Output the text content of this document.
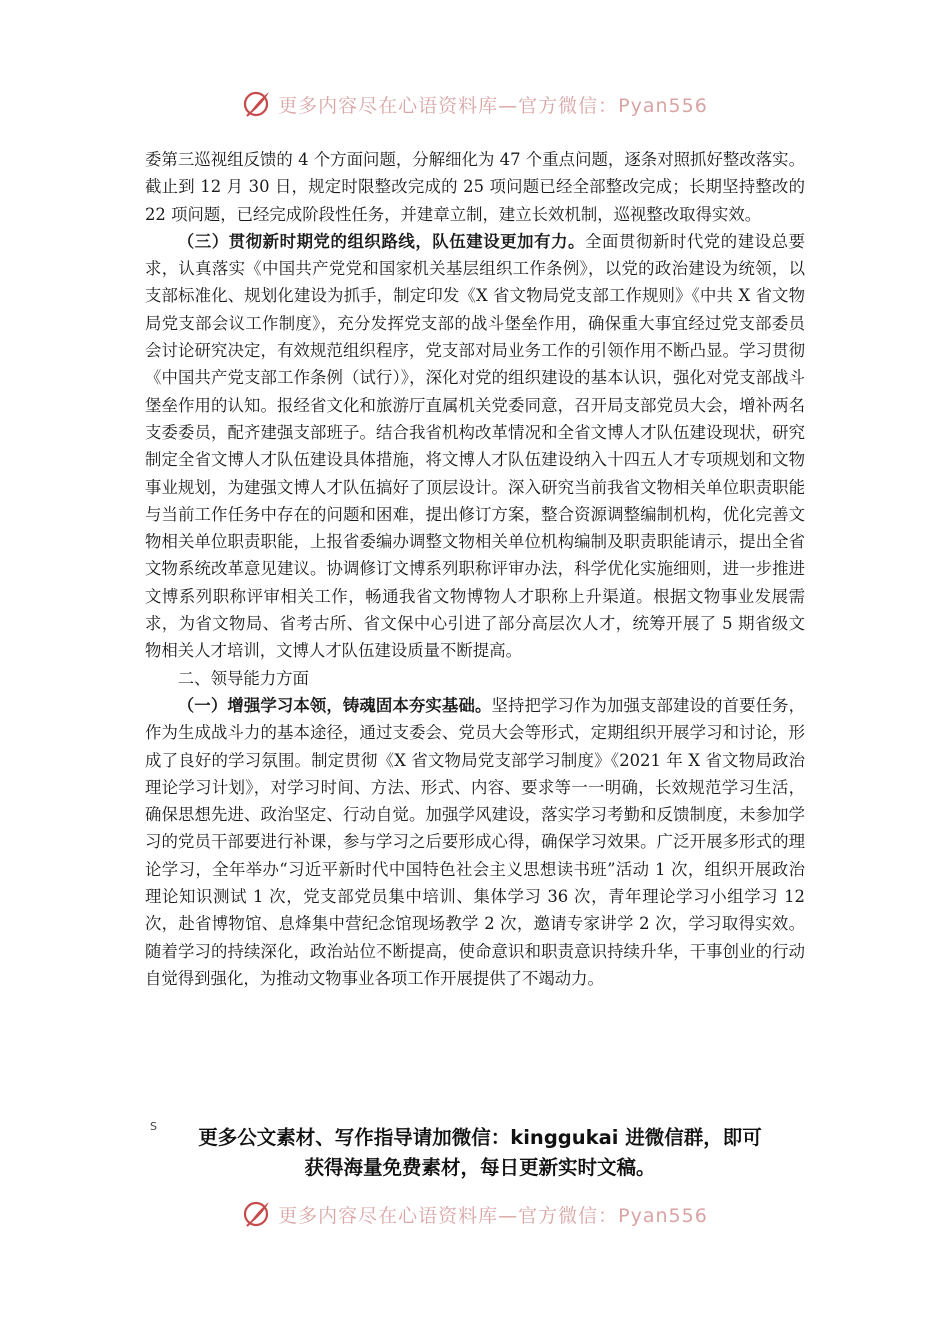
更多内容尽在心语资料库—官方微信：Pyan556

委第三巡视组反馈的 4 个方面问题，分解细化为 47 个重点问题，逐条对照抓好整改落实。截止到 12 月 30 日，规定时限整改完成的 25 项问题已经全部整改完成；长期坚持整改的 22 项问题，已经完成阶段性任务，并建章立制，建立长效机制，巡视整改取得实效。

（三）贯彻新时期党的组织路线，队伍建设更加有力。全面贯彻新时代党的建设总要求，认真落实《中国共产党党和国家机关基层组织工作条例》，以党的政治建设为统领，以支部标准化、规划化建设为抓手，制定印发《X 省文物局党支部工作规则》《中共 X 省文物局党支部会议工作制度》，充分发挥党支部的战斗堡垒作用，确保重大事宜经过党支部委员会讨论研究决定，有效规范组织程序，党支部对局业务工作的引领作用不断凸显。学习贯彻《中国共产党支部工作条例（试行）》，深化对党的组织建设的基本认识，强化对党支部战斗堡垒作用的认知。报经省文化和旅游厅直属机关党委同意，召开局支部党员大会，增补两名支委委员，配齐建强支部班子。结合我省机构改革情况和全省文博人才队伍建设现状，研究制定全省文博人才队伍建设具体措施，将文博人才队伍建设纳入十四五人才专项规划和文物事业规划，为建强文博人才队伍搞好了顶层设计。深入研究当前我省文物相关单位职责职能与当前工作任务中存在的问题和困难，提出修订方案，整合资源调整编制机构，优化完善文物相关单位职责职能，上报省委编办调整文物相关单位机构编制及职责职能请示，提出全省文物系统改革意见建议。协调修订文博系列职称评审办法，科学优化实施细则，进一步推进文博系列职称评审相关工作，畅通我省文物博物人才职称上升渠道。根据文物事业发展需求，为省文物局、省考古所、省文保中心引进了部分高层次人才，统筹开展了 5 期省级文物相关人才培训，文博人才队伍建设质量不断提高。

二、领导能力方面

（一）增强学习本领，铸魂固本夯实基础。坚持把学习作为加强支部建设的首要任务，作为生成战斗力的基本途径，通过支委会、党员大会等形式，定期组织开展学习和讨论，形成了良好的学习氛围。制定贯彻《X 省文物局党支部学习制度》《2021 年 X 省文物局政治理论学习计划》，对学习时间、方法、形式、内容、要求等一一明确，长效规范学习生活，确保思想先进、政治坚定、行动自觉。加强学风建设，落实学习考勤和反馈制度，未参加学习的党员干部要进行补课，参与学习之后要形成心得，确保学习效果。广泛开展多形式的理论学习，全年举办“习近平新时代中国特色社会主义思想读书班”活动 1 次，组织开展政治理论知识测试 1 次，党支部党员集中培训、集体学习 36 次，青年理论学习小组学习 12 次，赴省博物馆、息烽集中营纪念馆现场教学 2 次，邀请专家讲学 2 次，学习取得实效。随着学习的持续深化，政治站位不断提高，使命意识和职责意识持续升华，干事创业的行动自觉得到强化，为推动文物事业各项工作开展提供了不竭动力。

S	更多公文素材、写作指导请加微信：kinggukai 进微信群，即可
获得海量免费素材，每日更新实时文稿。
更多内容尽在心语资料库—官方微信：Pyan556
